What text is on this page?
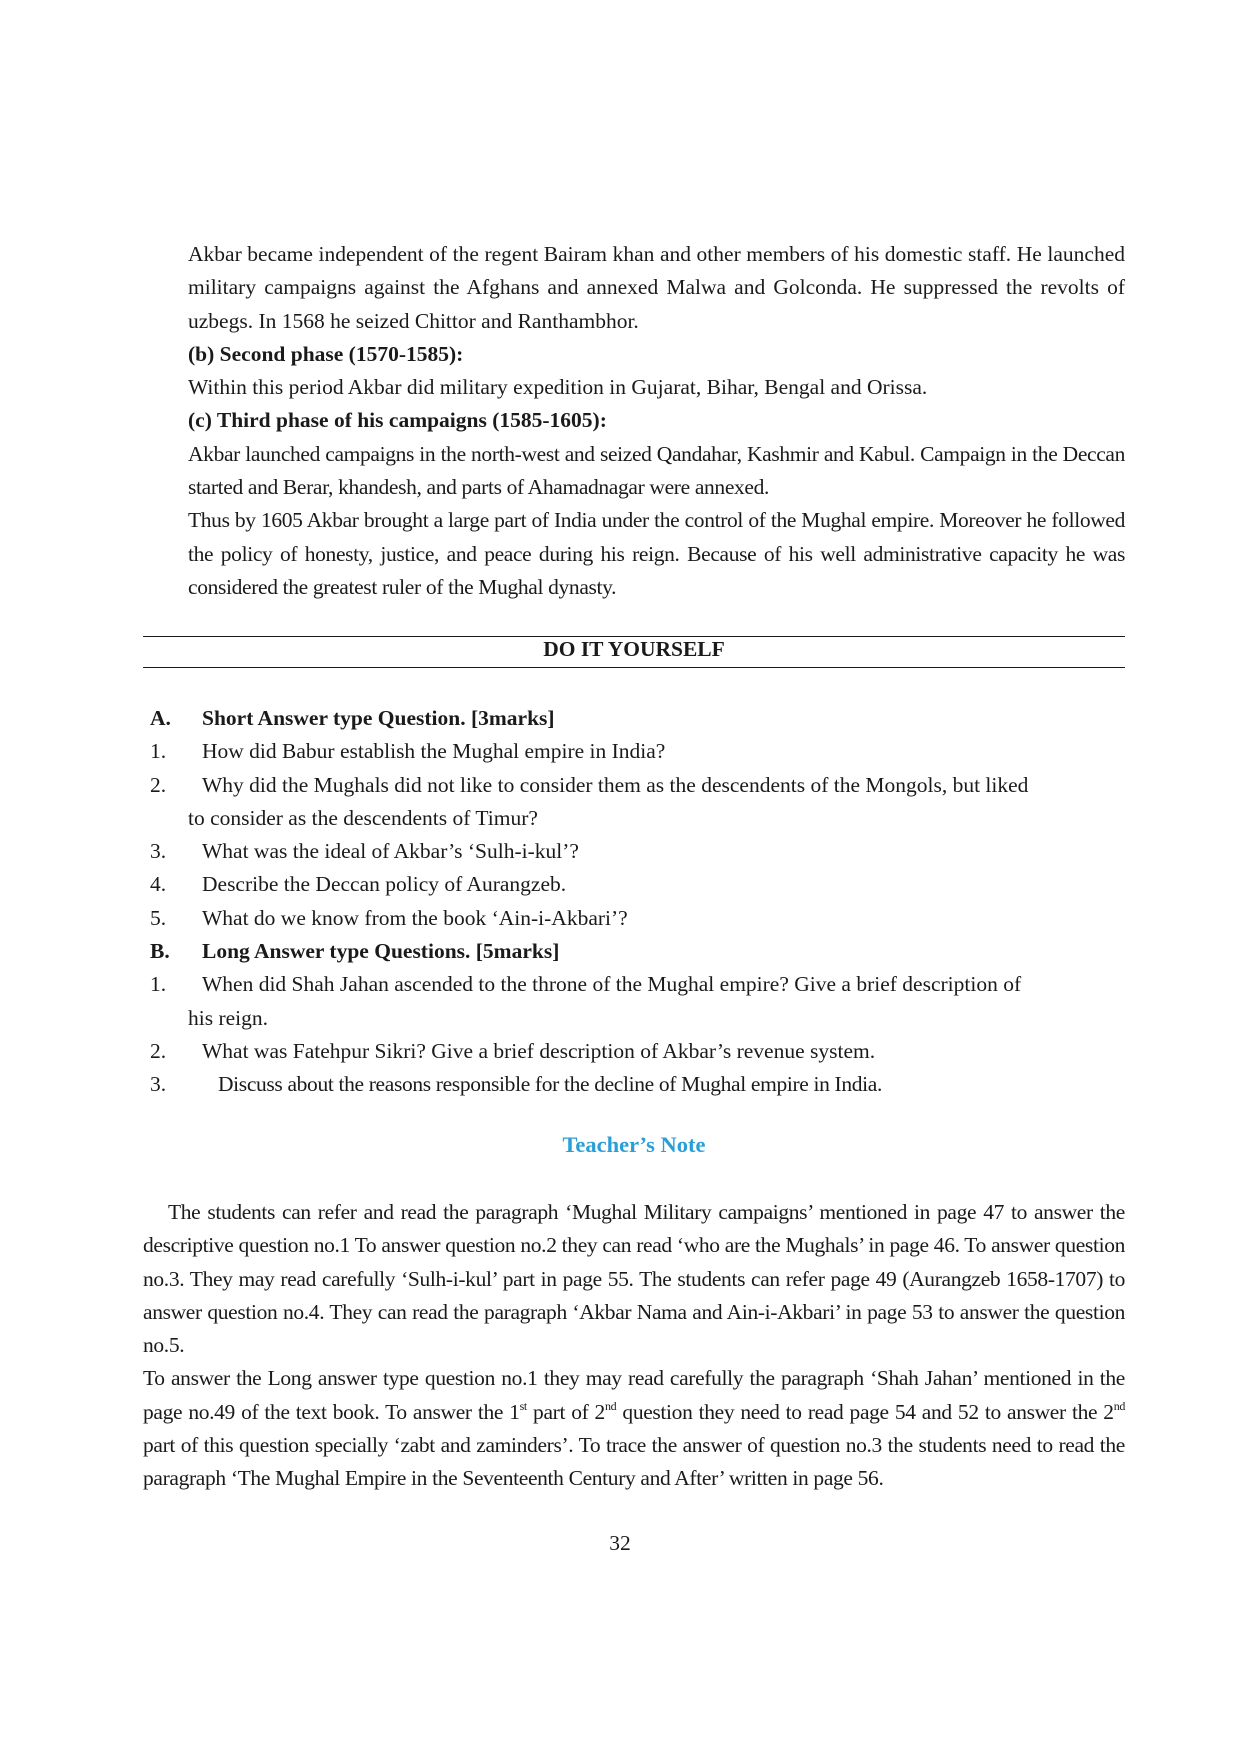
Akbar became independent of the regent Bairam khan and other members of his domestic staff. He launched military campaigns against the Afghans and annexed Malwa and Golconda. He suppressed the revolts of uzbegs. In 1568 he seized Chittor and Ranthambhor.

(b) Second phase (1570-1585):

Within this period Akbar did military expedition in Gujarat, Bihar, Bengal and Orissa.

(c) Third phase of his campaigns (1585-1605):

Akbar launched campaigns in the north-west and seized Qandahar, Kashmir and Kabul. Campaign in the Deccan started and Berar, khandesh, and parts of Ahamadnagar were annexed.

Thus by 1605 Akbar brought a large part of India under the control of the Mughal empire. Moreover he followed the policy of honesty, justice, and peace during his reign. Because of his well administrative capacity he was considered the greatest ruler of the Mughal dynasty.

DO IT YOURSELF
A.	Short Answer type Question. [3marks]
1.	How did Babur establish the Mughal empire in India?
2.	Why did the Mughals did not like to consider them as the descendents of the Mongols, but liked
to consider as the descendents of Timur?
3.	What was the ideal of Akbar’s ‘Sulh-i-kul’?
4.	Describe the Deccan policy of Aurangzeb.
5.	What do we know from the book ‘Ain-i-Akbari’?
B.	Long Answer type Questions. [5marks]
1.	When did Shah Jahan ascended to the throne of the Mughal empire? Give a brief description of
his reign.
2.	What was Fatehpur Sikri? Give a brief description of Akbar’s revenue system.
3.	Discuss about the reasons responsible for the decline of Mughal empire in India.
Teacher’s Note

The students can refer and read the paragraph ‘Mughal Military campaigns’ mentioned in page 47 to answer the descriptive question no.1 To answer question no.2 they can read ‘who are the Mughals’ in page 46. To answer question no.3. They may read carefully ‘Sulh-i-kul’ part in page 55. The students can refer page 49 (Aurangzeb 1658-1707) to answer question no.4. They can read the paragraph ‘Akbar Nama and Ain-i-Akbari’ in page 53 to answer the question no.5.

To answer the Long answer type question no.1 they may read carefully the paragraph ‘Shah Jahan’ mentioned in the page no.49 of the text book. To answer the 1st part of 2nd question they need to read page 54 and 52 to answer the 2nd part of this question specially ‘zabt and zaminders’. To trace the answer of question no.3 the students need to read the paragraph ‘The Mughal Empire in the Seventeenth Century and After’ written in page 56.

32
